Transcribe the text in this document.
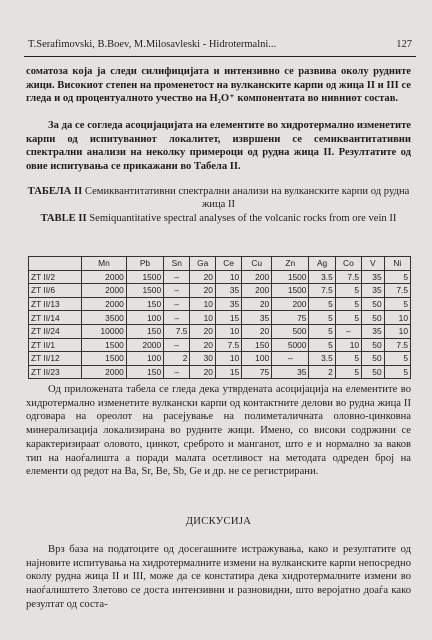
T.Serafimovski, B.Boev, M.Milosavleski - Hidrotermalni...	127
соматоза која ја следи силифицијата и интензивно се развива околу рудните жици. Високиот степен на променетост на вулканските карпи од жица II и III се гледа и од процентуалното учество на H₂O⁺ компонентата во нивниот состав.
За да се согледа асоцијацијата на елементите во хидротермално изменетите карпи од испитуваниот локалитет, извршени се семиквантитативни спектрални анализи на неколку примероци од рудна жица II. Резултатите од овие испитувања се прикажани во Табела II.
ТАБЕЛА II Семиквантитативни спектрални анализи на вулканските карпи од рудна жица II
TABLE II Semiquantitative spectral analyses of the volcanic rocks from ore vein II
	Mn	Pb	Sn	Ga	Ce	Cu	Zn	Ag	Co	V	Ni
ZT II/2	2000	1500	–	20	10	200	1500	3.5	7.5	35	5
ZT II/6	2000	1500	–	20	35	200	1500	7.5	5	35	7.5
ZT II/13	2000	150	–	10	35	20	200	5	5	50	5
ZT II/14	3500	100	–	10	15	35	75	5	5	50	10
ZT II/24	10000	150	7.5	20	10	20	500	5	–	35	10
ZT II/1	1500	2000	–	20	7.5	150	5000	5	10	50	7.5
ZT II/12	1500	100	2	30	10	100	–	3.5	5	50	5
ZT II/23	2000	150	–	20	15	75	35	2	5	50	5
Од приложената табела се гледа дека утврдената асоцијација на елементите во хидротермално изменетите вулкански карпи од контактните делови во рудна жица II одговара на ореолот на расејување на полиметаличната оловно-цинковна минерализација локализирана во рудните жици. Имено, со високи содржини се карактеризираат оловото, цинкот, среброто и манганот, што е и нормално за ваков тип на наоѓалишта а поради малата осетливост на методата одреден број на елементи од редот на Ba, Sr, Be, Sb, Ge и др. не се регистрирани.
ДИСКУСИЈА
Врз база на податоците од досегашните истражувања, како и резултатите од најновите испитувања на хидротермалните измени на вулканските карпи непосредно околу рудна жица II и III, може да се констатира дека хидротермалните измени во наоѓалиштето Злетово се доста интензивни и разновидни, што веројатно доаѓа како резултат од соста-
